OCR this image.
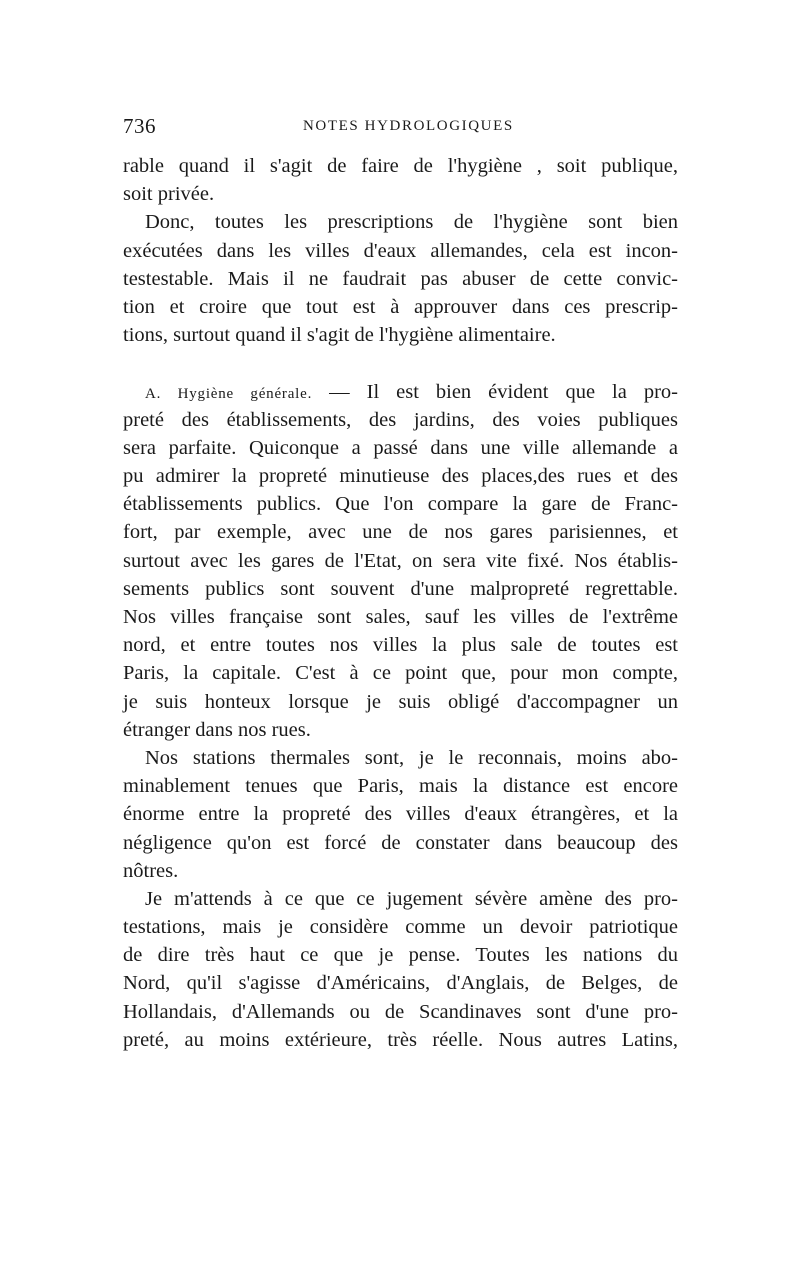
736	NOTES HYDROLOGIQUES
rable quand il s'agit de faire de l'hygiène , soit publique,
soit privée.
Donc, toutes les prescriptions de l'hygiène sont bien
exécutées dans les villes d'eaux allemandes, cela est incon-
testestable. Mais il ne faudrait pas abuser de cette convic-
tion et croire que tout est à approuver dans ces prescrip-
tions, surtout quand il s'agit de l'hygiène alimentaire.
A. Hygiène générale. — Il est bien évident que la pro-
preté des établissements, des jardins, des voies publiques
sera parfaite. Quiconque a passé dans une ville allemande a
pu admirer la propreté minutieuse des places,des rues et des
établissements publics. Que l'on compare la gare de Franc-
fort, par exemple, avec une de nos gares parisiennes, et
surtout avec les gares de l'Etat, on sera vite fixé. Nos établis-
sements publics sont souvent d'une malpropreté regrettable.
Nos villes française sont sales, sauf les villes de l'extrême
nord, et entre toutes nos villes la plus sale de toutes est
Paris, la capitale. C'est à ce point que, pour mon compte,
je suis honteux lorsque je suis obligé d'accompagner un
étranger dans nos rues.
Nos stations thermales sont, je le reconnais, moins abo-
minablement tenues que Paris, mais la distance est encore
énorme entre la propreté des villes d'eaux étrangères, et la
négligence qu'on est forcé de constater dans beaucoup des
nôtres.
Je m'attends à ce que ce jugement sévère amène des pro-
testations, mais je considère comme un devoir patriotique
de dire très haut ce que je pense. Toutes les nations du
Nord, qu'il s'agisse d'Américains, d'Anglais, de Belges, de
Hollandais, d'Allemands ou de Scandinaves sont d'une pro-
preté, au moins extérieure, très réelle. Nous autres Latins,
